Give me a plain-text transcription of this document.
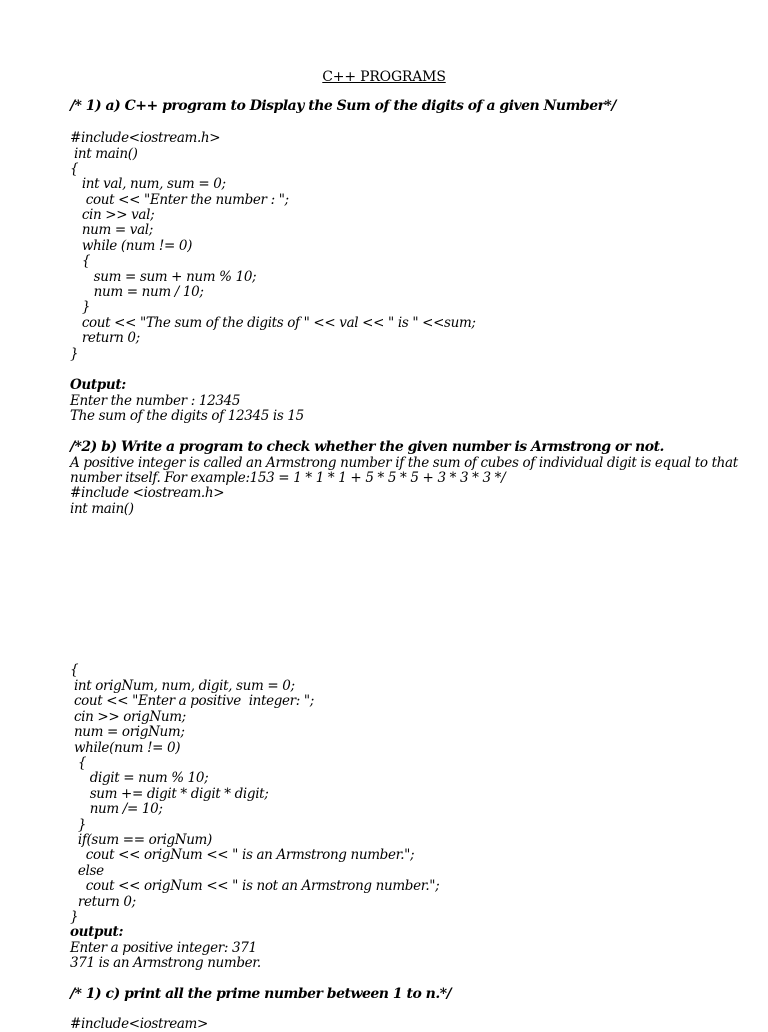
C++ PROGRAMS
/* 1) a) C++ program to Display the Sum of the digits of a given Number*/
#include<iostream.h>
int main()
{
int val, num, sum = 0;
cout << "Enter the number : ";
cin >> val;
num = val;
while (num != 0)
{
sum = sum + num % 10;
num = num / 10;
}
cout << "The sum of the digits of " << val << " is " <<sum;
return 0;
}
Output:
Enter the number : 12345
The sum of the digits of 12345 is 15
/*2) b) Write a program to check whether the given number is Armstrong or not.
A positive integer is called an Armstrong number if the sum of cubes of individual digit is equal to that
number itself. For example:153 = 1 * 1 * 1 + 5 * 5 * 5 + 3 * 3 * 3 */
#include <iostream.h>
int main()
{
int origNum, num, digit, sum = 0;
cout << "Enter a positive  integer: ";
cin >> origNum;
num = origNum;
while(num != 0)
{
digit = num % 10;
sum += digit * digit * digit;
num /= 10;
}
if(sum == origNum)
cout << origNum << " is an Armstrong number.";
else
cout << origNum << " is not an Armstrong number.";
return 0;
}
output:
Enter a positive integer: 371
371 is an Armstrong number.
/* 1) c) print all the prime number between 1 to n.*/
#include<iostream>
